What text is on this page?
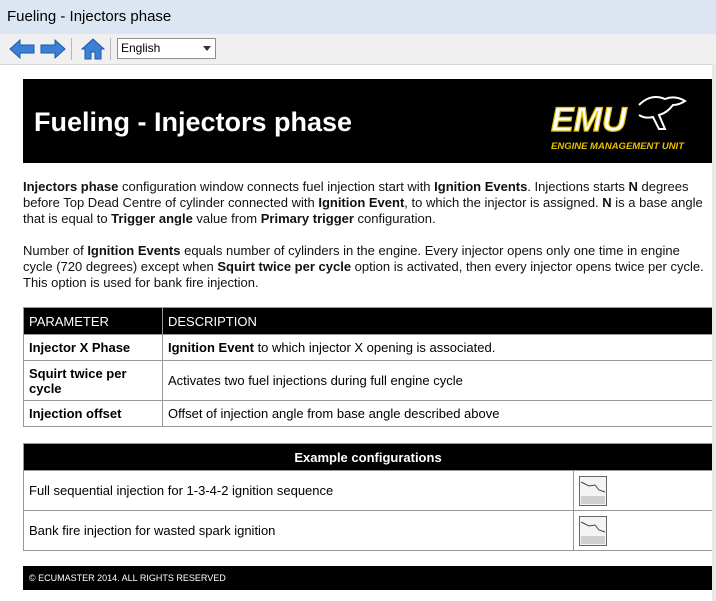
Fueling - Injectors phase
English
Fueling - Injectors phase	EMU
ENGINE MANAGEMENT UNIT

Injectors phase configuration window connects fuel injection start with Ignition Events. Injections starts N degrees before Top Dead Centre of cylinder connected with Ignition Event, to which the injector is assigned. N is a base angle that is equal to Trigger angle value from Primary trigger configuration.

Number of Ignition Events equals number of cylinders in the engine. Every injector opens only one time in engine cycle (720 degrees) except when Squirt twice per cycle option is activated, then every injector opens twice per cycle. This option is used for bank fire injection.

PARAMETER	DESCRIPTION
Injector X Phase	Ignition Event to which injector X opening is associated.
Squirt twice per cycle	Activates two fuel injections during full engine cycle
Injection offset	Offset of injection angle from base angle described above
Example configurations	
Full sequential injection for 1-3-4-2 ignition sequence	

Bank fire injection for wasted spark ignition	
© ECUMASTER 2014. ALL RIGHTS RESERVED
